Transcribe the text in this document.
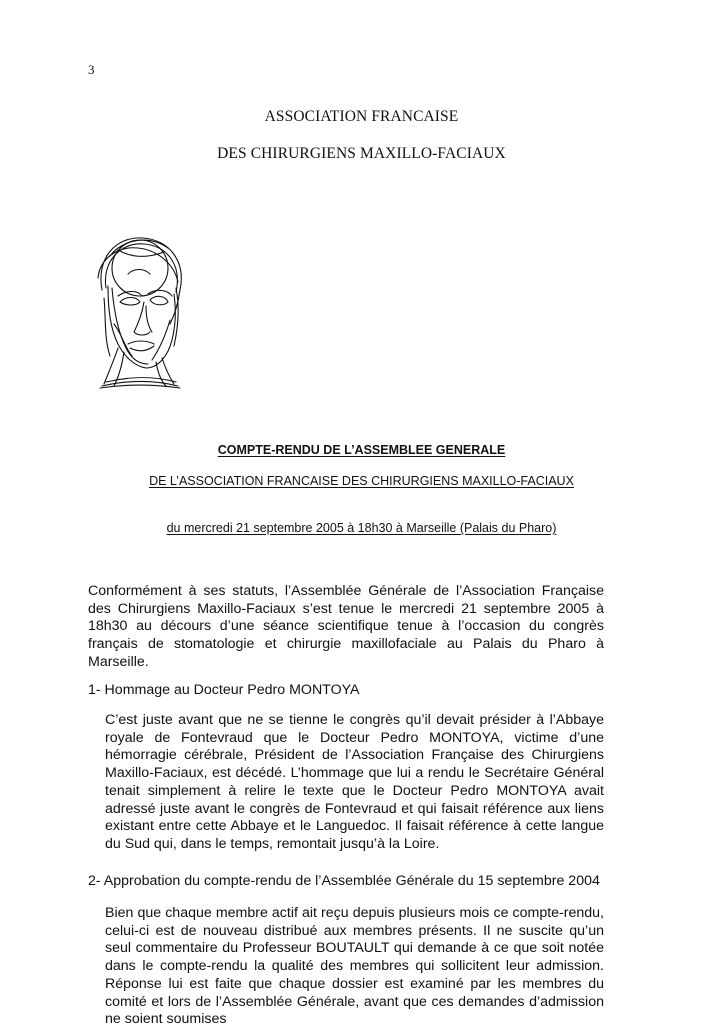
3
ASSOCIATION FRANCAISE
DES CHIRURGIENS MAXILLO-FACIAUX
COMPTE-RENDU DE L’ASSEMBLEE GENERALE
DE L’ASSOCIATION FRANCAISE DES CHIRURGIENS MAXILLO-FACIAUX
du mercredi 21 septembre 2005 à 18h30 à Marseille (Palais du Pharo)
Conformément à ses statuts, l’Assemblée Générale de l’Association Française des Chirurgiens Maxillo-Faciaux s’est tenue le mercredi 21 septembre 2005 à 18h30 au décours d’une séance scientifique tenue à l’occasion du congrès français de stomatologie et chirurgie maxillofaciale au Palais du Pharo à Marseille.
1- Hommage au Docteur Pedro MONTOYA
C’est juste avant que ne se tienne le congrès qu’il devait présider à l’Abbaye royale de Fontevraud que le Docteur Pedro MONTOYA, victime d’une hémorragie cérébrale, Président de l’Association Française des Chirurgiens Maxillo-Faciaux, est décédé. L’hommage que lui a rendu le Secrétaire Général tenait simplement à relire le texte que le Docteur Pedro MONTOYA avait adressé juste avant le congrès de Fontevraud et qui faisait référence aux liens existant entre cette Abbaye et le Languedoc. Il faisait référence à cette langue du Sud qui, dans le temps, remontait jusqu’à la Loire.
2- Approbation du compte-rendu de l’Assemblée Générale du 15 septembre 2004
Bien que chaque membre actif ait reçu depuis plusieurs mois ce compte-rendu, celui-ci est de nouveau distribué aux membres présents. Il ne suscite qu’un seul commentaire du Professeur BOUTAULT qui demande à ce que soit notée dans le compte-rendu la qualité des membres qui sollicitent leur admission. Réponse lui est faite que chaque dossier est examiné par les membres du comité et lors de l’Assemblée Générale, avant que ces demandes d’admission ne soient soumises
